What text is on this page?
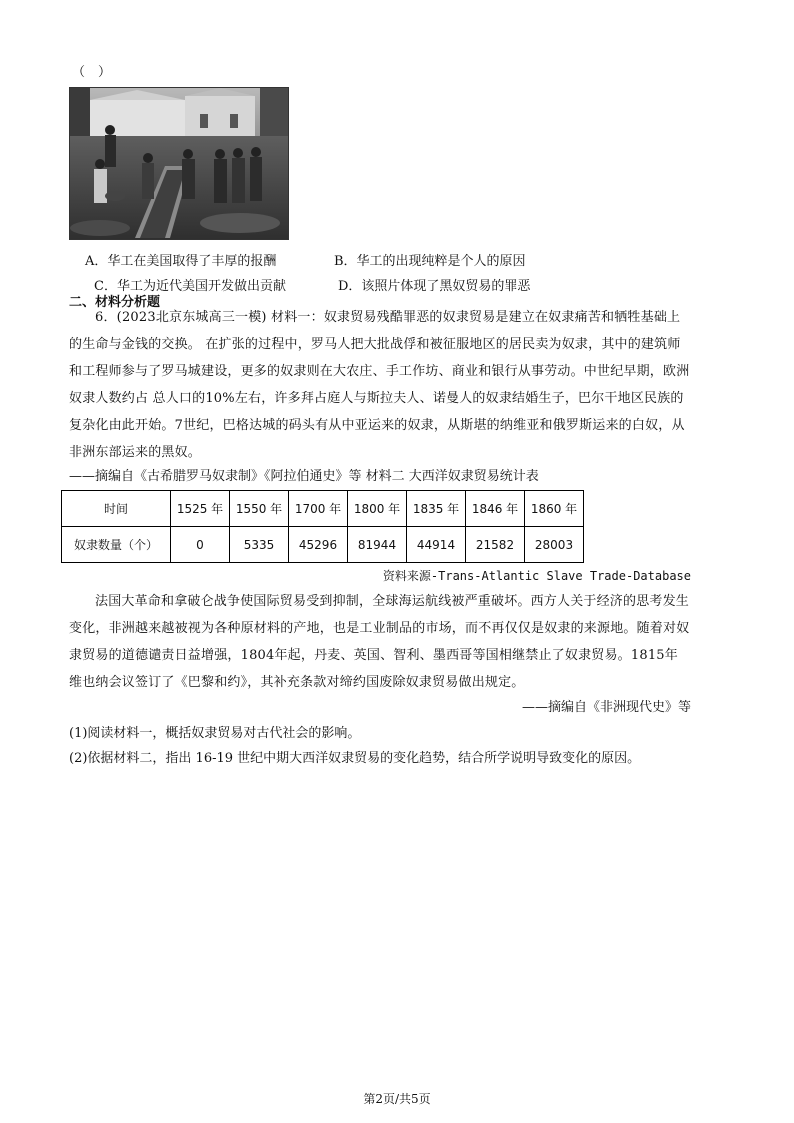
（　）
A．华工在美国取得了丰厚的报酬	B．华工的出现纯粹是个人的原因
C．华工为近代美国开发做出贡献	D．该照片体现了黑奴贸易的罪恶
二、材料分析题
6．(2023北京东城高三一模) 材料一：奴隶贸易残酷罪恶的奴隶贸易是建立在奴隶痛苦和牺牲基础上的生命与金钱的交换。 在扩张的过程中，罗马人把大批战俘和被征服地区的居民卖为奴隶，其中的建筑师和工程师参与了罗马城建设，更多的奴隶则在大农庄、手工作坊、商业和银行从事劳动。中世纪早期，欧洲奴隶人数约占 总人口的10%左右，许多拜占庭人与斯拉夫人、诺曼人的奴隶结婚生子，巴尔干地区民族的复杂化由此开始。7世纪，巴格达城的码头有从中亚运来的奴隶，从斯堪的纳维亚和俄罗斯运来的白奴，从非洲东部运来的黑奴。
——摘编自《古希腊罗马奴隶制》《阿拉伯通史》等 材料二 大西洋奴隶贸易统计表
时间	1525 年	1550 年	1700 年	1800 年	1835 年	1846 年	1860 年
奴隶数量（个）	0	5335	45296	81944	44914	21582	28003
资料来源-Trans-Atlantic Slave Trade-Database
法国大革命和拿破仑战争使国际贸易受到抑制，全球海运航线被严重破坏。西方人关于经济的思考发生变化，非洲越来越被视为各种原材料的产地，也是工业制品的市场，而不再仅仅是奴隶的来源地。随着对奴隶贸易的道德谴责日益增强，1804年起，丹麦、英国、智利、墨西哥等国相继禁止了奴隶贸易。1815年维也纳会议签订了《巴黎和约》，其补充条款对缔约国废除奴隶贸易做出规定。
——摘编自《非洲现代史》等
(1)阅读材料一，概括奴隶贸易对古代社会的影响。
(2)依据材料二，指出 16-19 世纪中期大西洋奴隶贸易的变化趋势，结合所学说明导致变化的原因。
第2页/共5页
